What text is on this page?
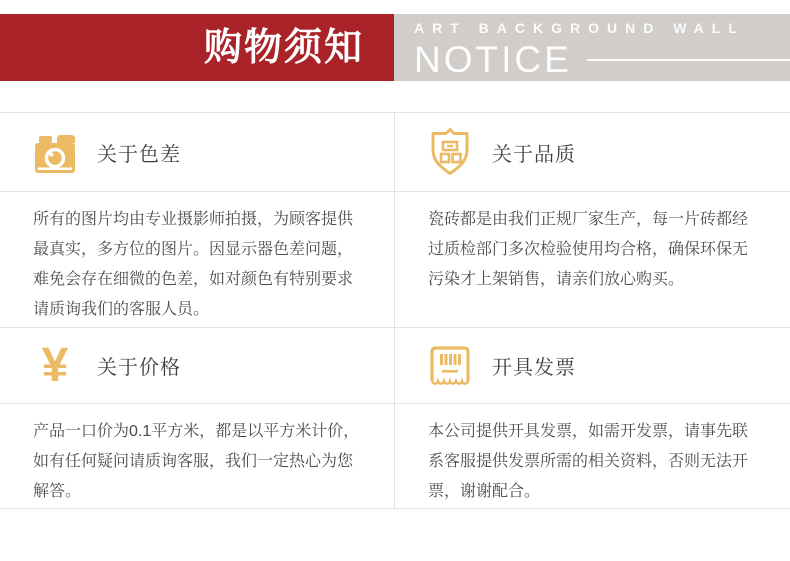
购物须知	ART BACKGROUND WALL
NOTICE
关于色差
所有的图片均由专业摄影师拍摄，为顾客提供最真实，多方位的图片。因显示器色差问题，难免会存在细微的色差，如对颜色有特别要求请质询我们的客服人员。
关于品质
瓷砖都是由我们正规厂家生产，每一片砖都经过质检部门多次检验使用均合格，确保环保无污染才上架销售，请亲们放心购买。
¥ 关于价格
产品一口价为0.1平方米，都是以平方米计价，如有任何疑问请质询客服，我们一定热心为您解答。
开具发票
本公司提供开具发票，如需开发票，请事先联系客服提供发票所需的相关资料，否则无法开票，谢谢配合。
